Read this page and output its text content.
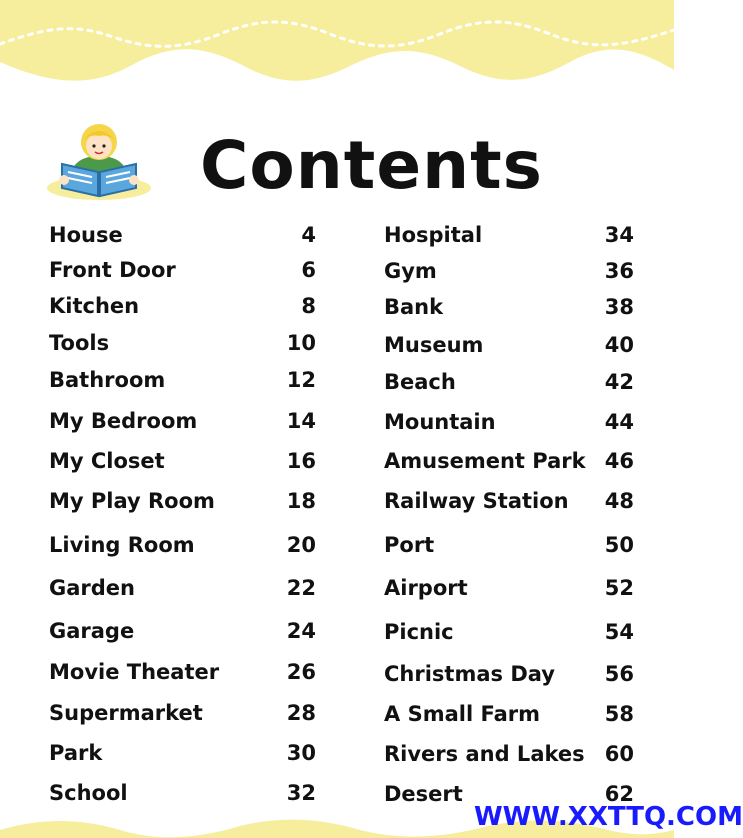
Contents
House	4
Front Door	6
Kitchen	8
Tools	10
Bathroom	12
My Bedroom	14
My Closet	16
My Play Room	18
Living Room	20
Garden	22
Garage	24
Movie Theater	26
Supermarket	28
Park	30
School	32
Hospital	34
Gym	36
Bank	38
Museum	40
Beach	42
Mountain	44
Amusement Park 46
Railway Station	48
Port	50
Airport	52
Picnic	54
Christmas Day	56
A Small Farm	58
Rivers and Lakes 60
Desert	62
WWW.XXTTQ.COM
